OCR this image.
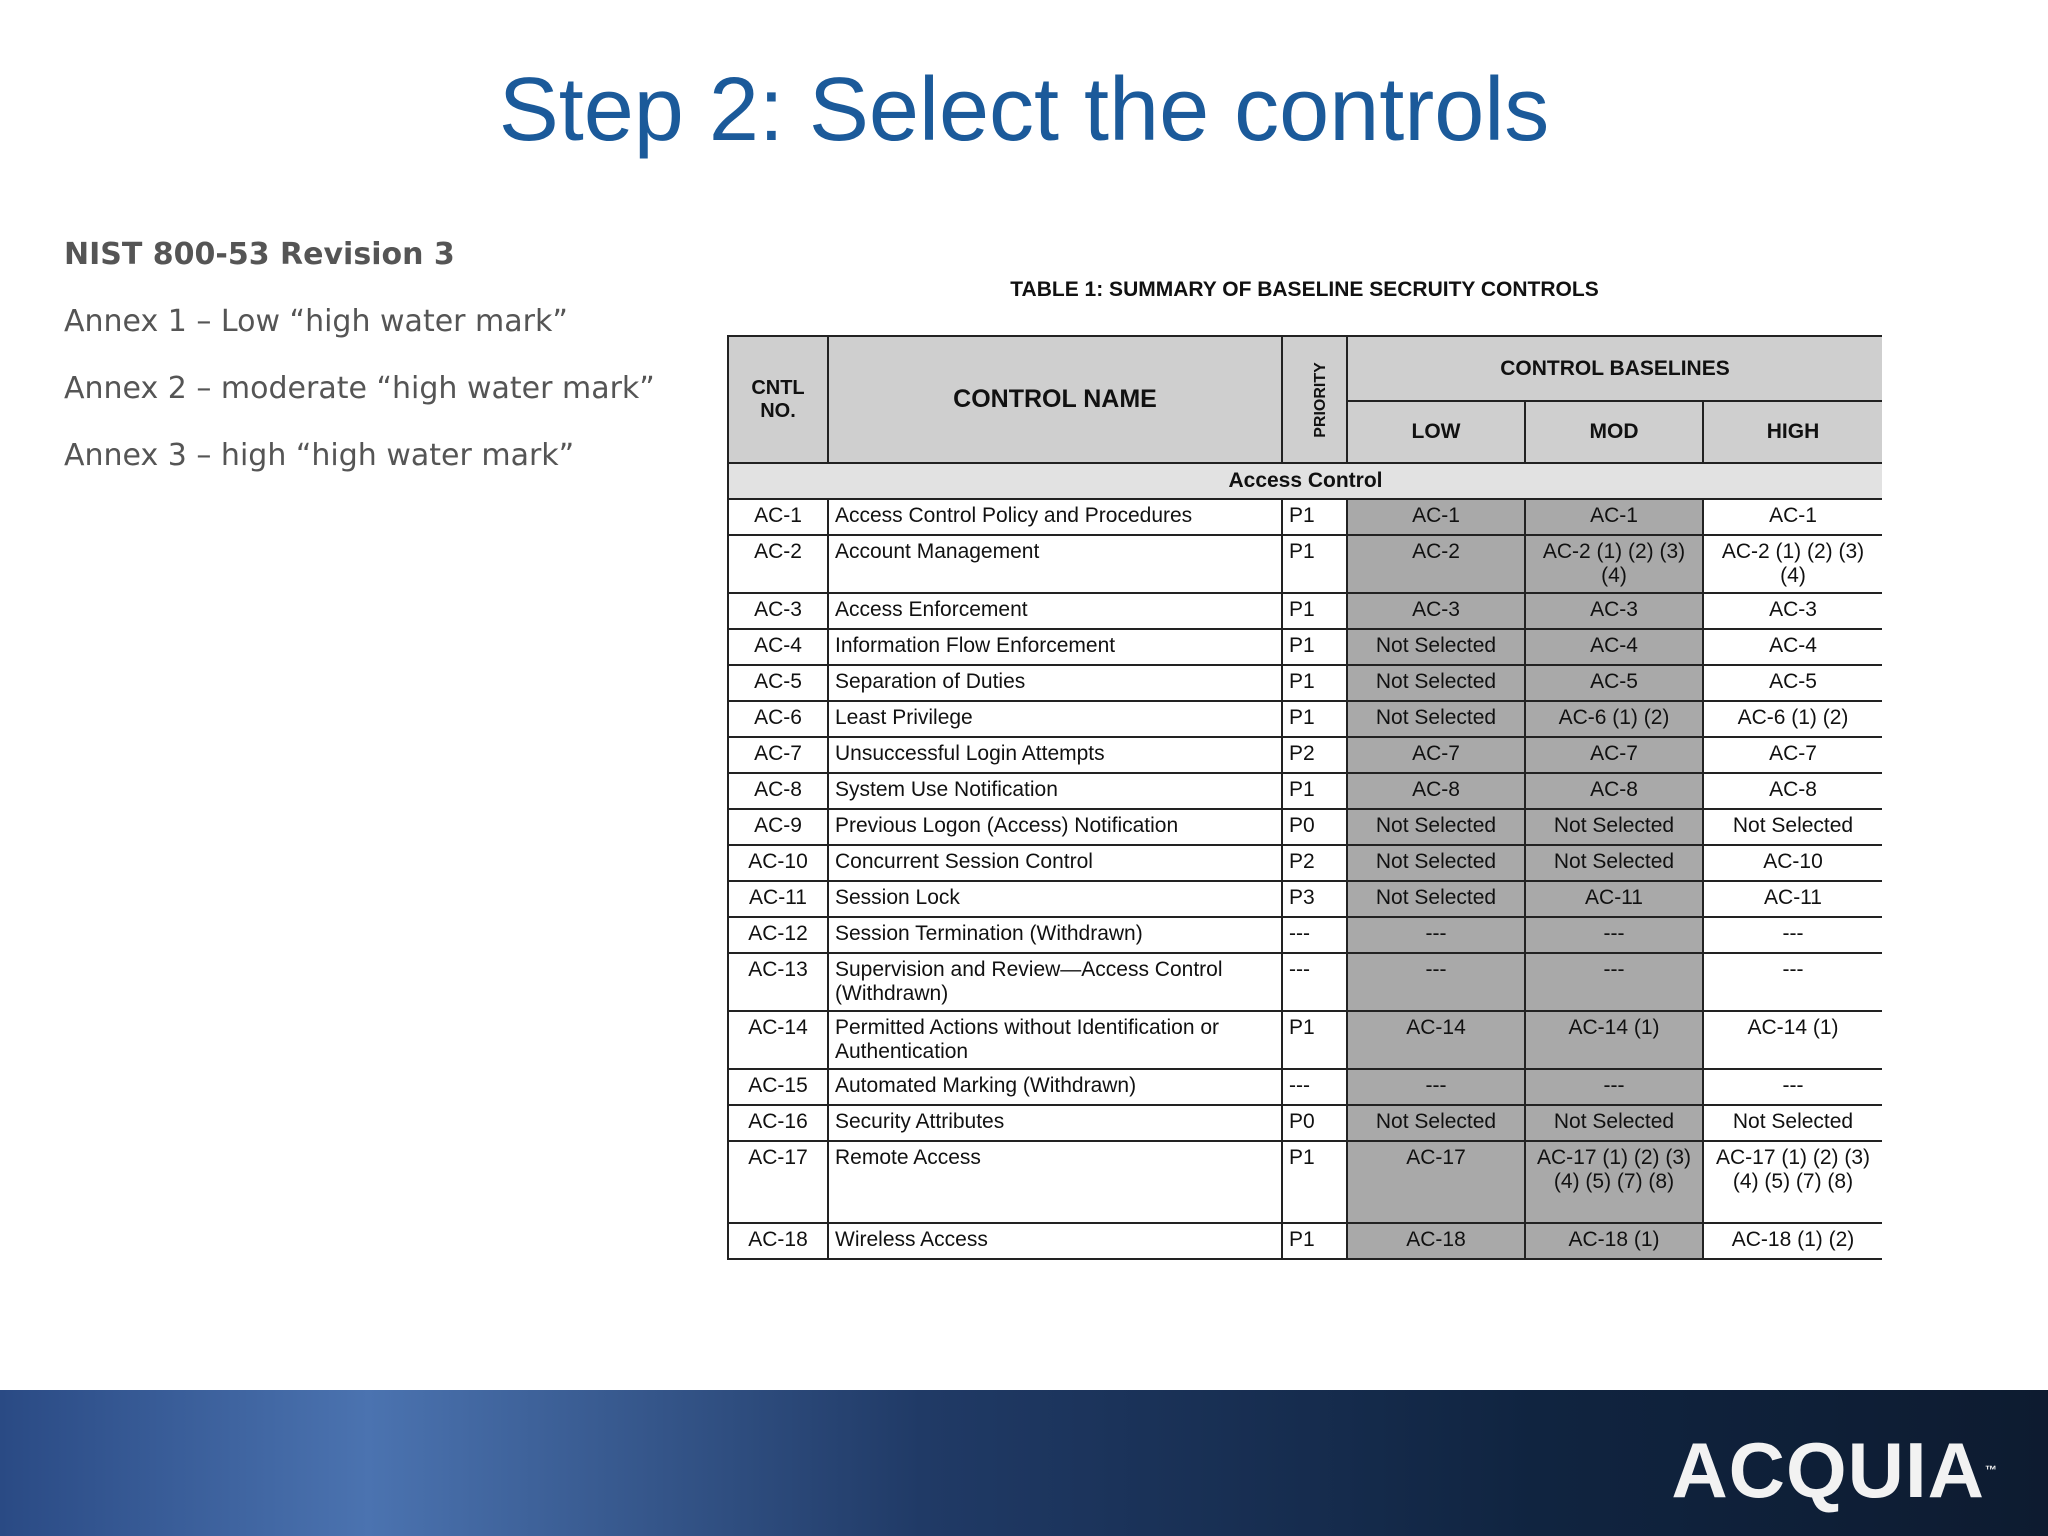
Step 2: Select the controls
NIST 800-53 Revision 3
Annex 1 – Low “high water mark”
Annex 2 – moderate “high water mark”
Annex 3 – high “high water mark”
TABLE 1: SUMMARY OF BASELINE SECRUITY CONTROLS
CNTL
NO.	CONTROL NAME	PRIORITY	CONTROL BASELINES		
			LOW	MOD	HIGH
Access Control					
AC-1	Access Control Policy and Procedures	P1	AC-1	AC-1	AC-1
AC-2	Account Management	P1	AC-2	AC-2 (1) (2) (3) (4)	AC-2 (1) (2) (3) (4)
AC-3	Access Enforcement	P1	AC-3	AC-3	AC-3
AC-4	Information Flow Enforcement	P1	Not Selected	AC-4	AC-4
AC-5	Separation of Duties	P1	Not Selected	AC-5	AC-5
AC-6	Least Privilege	P1	Not Selected	AC-6 (1) (2)	AC-6 (1) (2)
AC-7	Unsuccessful Login Attempts	P2	AC-7	AC-7	AC-7
AC-8	System Use Notification	P1	AC-8	AC-8	AC-8
AC-9	Previous Logon (Access) Notification	P0	Not Selected	Not Selected	Not Selected
AC-10	Concurrent Session Control	P2	Not Selected	Not Selected	AC-10
AC-11	Session Lock	P3	Not Selected	AC-11	AC-11
AC-12	Session Termination (Withdrawn)	---	---	---	---
AC-13	Supervision and Review—Access Control (Withdrawn)	---	---	---	---
AC-14	Permitted Actions without Identification or Authentication	P1	AC-14	AC-14 (1)	AC-14 (1)
AC-15	Automated Marking (Withdrawn)	---	---	---	---
AC-16	Security Attributes	P0	Not Selected	Not Selected	Not Selected
AC-17	Remote Access	P1	AC-17	AC-17 (1) (2) (3) (4) (5) (7) (8)	AC-17 (1) (2) (3) (4) (5) (7) (8)
AC-18	Wireless Access	P1	AC-18	AC-18 (1)	AC-18 (1) (2)
ACQUIA™
